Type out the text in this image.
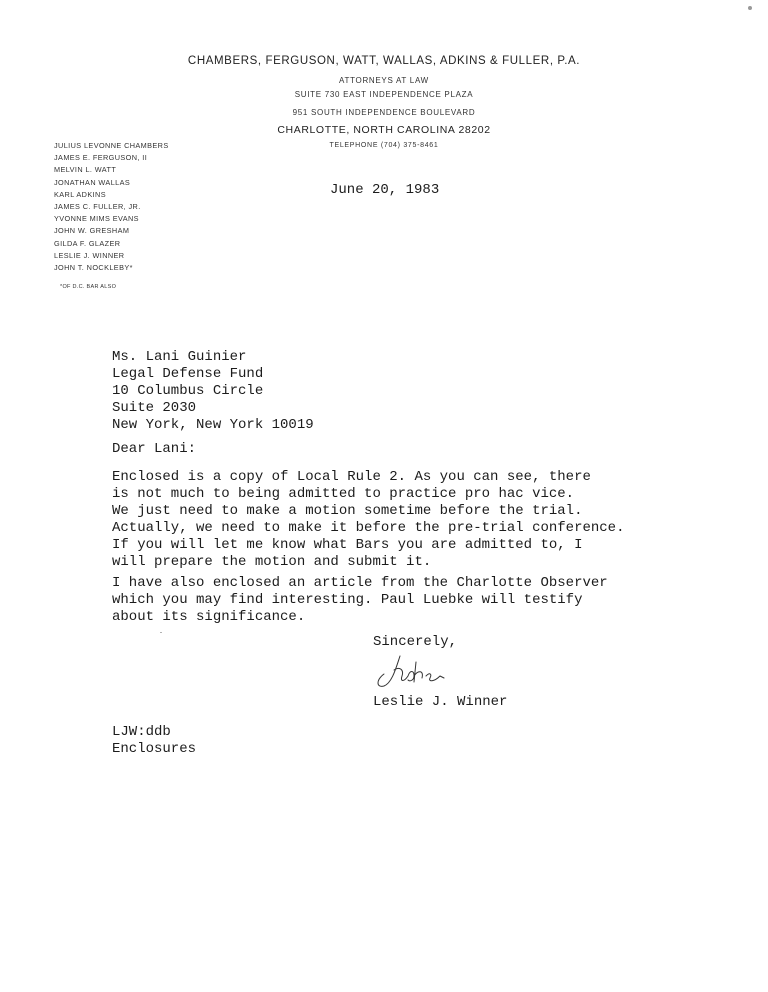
CHAMBERS, FERGUSON, WATT, WALLAS, ADKINS & FULLER, P.A.
ATTORNEYS AT LAW
SUITE 730 EAST INDEPENDENCE PLAZA
951 SOUTH INDEPENDENCE BOULEVARD
CHARLOTTE, NORTH CAROLINA 28202
TELEPHONE (704) 375-8461
JULIUS LEVONNE CHAMBERS
JAMES E. FERGUSON, II
MELVIN L. WATT
JONATHAN WALLAS
KARL ADKINS
JAMES C. FULLER, JR.
YVONNE MIMS EVANS
JOHN W. GRESHAM
GILDA F. GLAZER
LESLIE J. WINNER
JOHN T. NOCKLEBY*
*OF D.C. BAR ALSO
June 20, 1983
Ms. Lani Guinier
Legal Defense Fund
10 Columbus Circle
Suite 2030
New York, New York 10019
Dear Lani:
Enclosed is a copy of Local Rule 2. As you can see, there
is not much to being admitted to practice pro hac vice.
We just need to make a motion sometime before the trial.
Actually, we need to make it before the pre-trial conference.
If you will let me know what Bars you are admitted to, I
will prepare the motion and submit it.
I have also enclosed an article from the Charlotte Observer
which you may find interesting. Paul Luebke will testify
about its significance.
Sincerely,
Leslie J. Winner
LJW:ddb
Enclosures
